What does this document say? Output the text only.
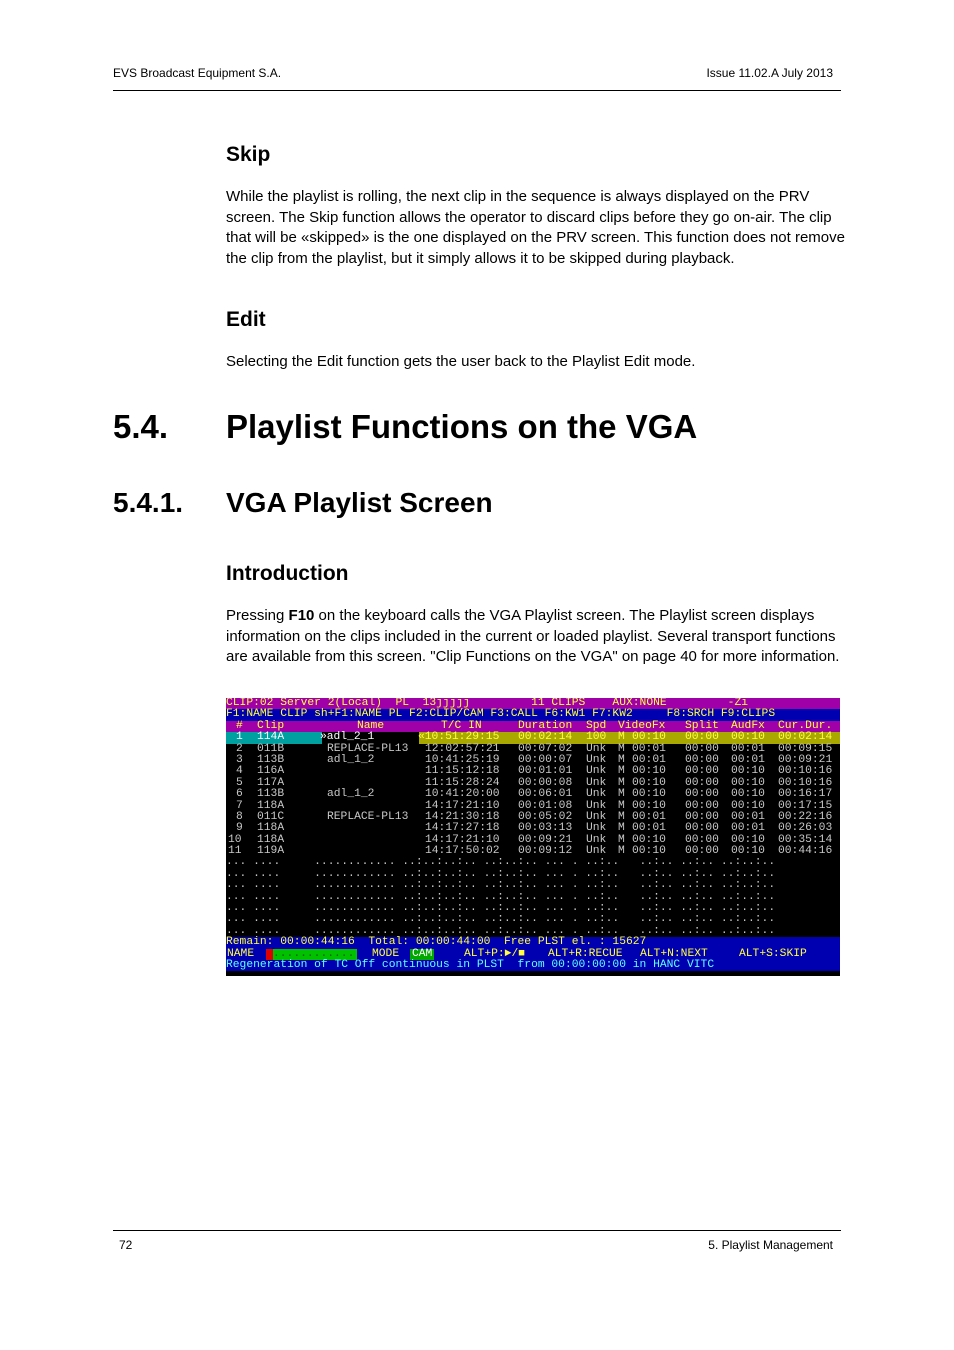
EVS Broadcast Equipment S.A.	Issue 11.02.A July 2013
Skip
While the playlist is rolling, the next clip in the sequence is always displayed on the PRV screen. The Skip function allows the operator to discard clips before they go on-air. The clip that will be «skipped» is the one displayed on the PRV screen. This function does not remove the clip from the playlist, but it simply allows it to be skipped during playback.
Edit
Selecting the Edit function gets the user back to the Playlist Edit mode.
5.4. Playlist Functions on the VGA
5.4.1. VGA Playlist Screen
Introduction
Pressing F10 on the keyboard calls the VGA Playlist screen. The Playlist screen displays information on the clips included in the current or loaded playlist. Several transport functions are available from this screen. "Clip Functions on the VGA" on page 40 for more information.
CLIP:02 Server 2(Local)  PL  13jjjjj         11 CLIPS    AUX:NONE         -Zi
F1:NAME CLIP sh+F1:NAME PL F2:CLIP/CAM F3:CALL F6:KW1 F7:KW2     F8:SRCH F9:CLIPS
# Clip	Name	T/C IN	Duration Spd VideoFx Split AudFx Cur.Dur.
1 114A	»adl_2_1	«10:51:29:15 00:02:14 100 M 00:10 00:00 00:10 00:02:14
2 011B	REPLACE-PL13 12:02:57:21 00:07:02 Unk M 00:01 00:00 00:01 00:09:15
3 113B	adl_1_2	10:41:25:19 00:00:07 Unk M 00:01 00:00 00:01 00:09:21
4 116A	11:15:12:18 00:01:01 Unk M 00:10 00:00 00:10 00:10:16
5 117A	11:15:28:24 00:00:08 Unk M 00:10 00:00 00:10 00:10:16
6 113B	adl_1_2	10:41:20:00 00:06:01 Unk M 00:10 00:00 00:10 00:16:17
7 118A	14:17:21:10 00:01:08 Unk M 00:10 00:00 00:10 00:17:15
8 011C	REPLACE-PL13 14:21:30:18 00:05:02 Unk M 00:01 00:00 00:01 00:22:16
9 118A	14:17:27:18 00:03:13 Unk M 00:01 00:00 00:01 00:26:03
10 118A	14:17:21:10 00:09:21 Unk M 00:10 00:00 00:10 00:35:14
11 119A	14:17:50:02 00:09:12 Unk M 00:10 00:00 00:10 00:44:16
... ....     ............ ..:..:..:.. ..:..:.. ... . ..:..   ..:.. ..:.. ..:..:..
... ....     ............ ..:..:..:.. ..:..:.. ... . ..:..   ..:.. ..:.. ..:..:..
... ....     ............ ..:..:..:.. ..:..:.. ... . ..:..   ..:.. ..:.. ..:..:..
... ....     ............ ..:..:..:.. ..:..:.. ... . ..:..   ..:.. ..:.. ..:..:..
... ....     ............ ..:..:..:.. ..:..:.. ... . ..:..   ..:.. ..:.. ..:..:..
... ....     ............ ..:..:..:.. ..:..:.. ... . ..:..   ..:.. ..:.. ..:..:..
... ....     ............ ..:..:..:.. ..:..:.. ... . ..:..   ..:.. ..:.. ..:..:..
Remain: 00:00:44:16  Total: 00:00:44:00  Free PLST el. : 15627

NAME

............

MODE

CAM

	ALT+P:►/■

ALT+R:RECUE

ALT+N:NEXT

	ALT+S:SKIP

Regeneration of TC Off continuous in PLST  from 00:00:00:00 in HANC VITC
72	5. Playlist Management
